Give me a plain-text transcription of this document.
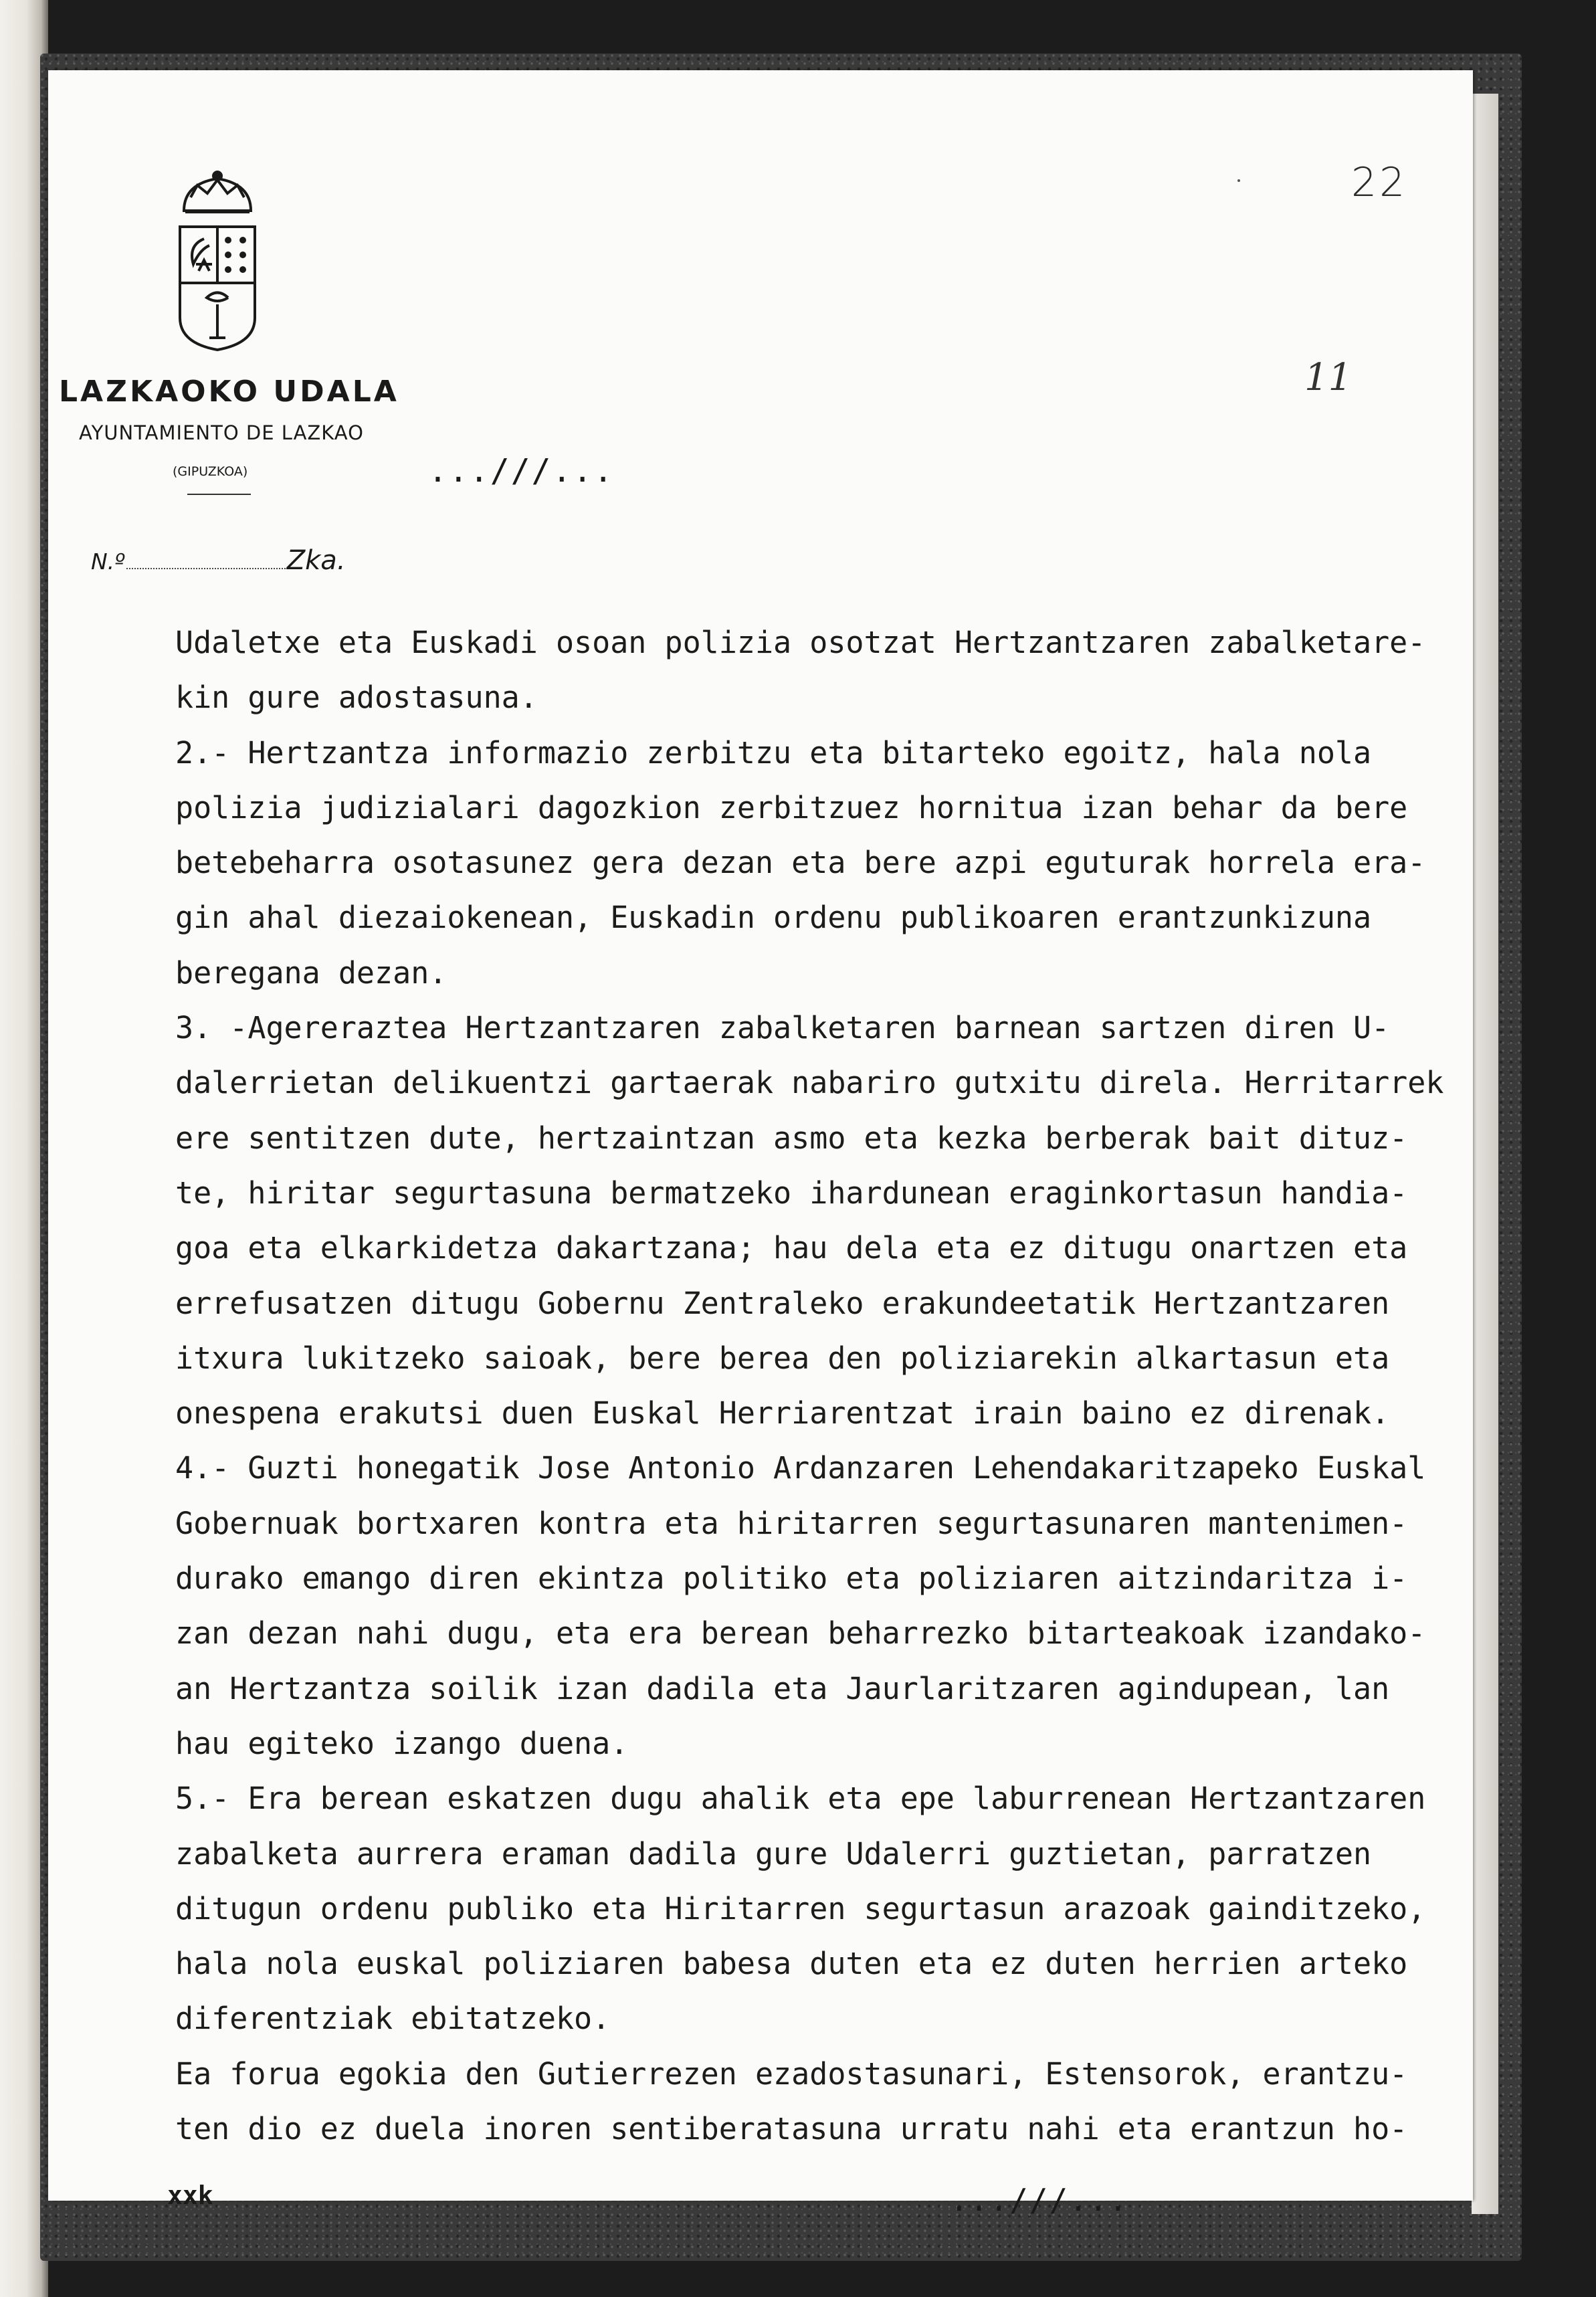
LAZKAOKO UDALA
AYUNTAMIENTO DE LAZKAO
(GIPUZKOA)
22
11
...///...
N.º	Zka.
Udaletxe eta Euskadi osoan polizia osotzat Hertzantzaren zabalketare-
kin gure adostasuna.
2.- Hertzantza informazio zerbitzu eta bitarteko egoitz, hala nola
polizia judizialari dagozkion zerbitzuez hornitua izan behar da bere
betebeharra osotasunez gera dezan eta bere azpi eguturak horrela era-
gin ahal diezaiokenean, Euskadin ordenu publikoaren erantzunkizuna
beregana dezan.
3. -Agereraztea Hertzantzaren zabalketaren barnean sartzen diren U-
dalerrietan delikuentzi gartaerak nabariro gutxitu direla. Herritarrek
ere sentitzen dute, hertzaintzan asmo eta kezka berberak bait dituz-
te, hiritar segurtasuna bermatzeko ihardunean eraginkortasun handia-
goa eta elkarkidetza dakartzana; hau dela eta ez ditugu onartzen eta
errefusatzen ditugu Gobernu Zentraleko erakundeetatik Hertzantzaren
itxura lukitzeko saioak, bere berea den poliziarekin alkartasun eta
onespena erakutsi duen Euskal Herriarentzat irain baino ez direnak.
4.- Guzti honegatik Jose Antonio Ardanzaren Lehendakaritzapeko Euskal
Gobernuak bortxaren kontra eta hiritarren segurtasunaren mantenimen-
durako emango diren ekintza politiko eta poliziaren aitzindaritza i-
zan dezan nahi dugu, eta era berean beharrezko bitarteakoak izandako-
an Hertzantza soilik izan dadila eta Jaurlaritzaren agindupean, lan
hau egiteko izango duena.
5.- Era berean eskatzen dugu ahalik eta epe laburrenean Hertzantzaren
zabalketa aurrera eraman dadila gure Udalerri guztietan, parratzen
ditugun ordenu publiko eta Hiritarren segurtasun arazoak gainditzeko,
hala nola euskal poliziaren babesa duten eta ez duten herrien arteko
diferentziak ebitatzeko.
Ea forua egokia den Gutierrezen ezadostasunari, Estensorok, erantzu-
ten dio ez duela inoren sentiberatasuna urratu nahi eta erantzun ho-
xxk	...///...
